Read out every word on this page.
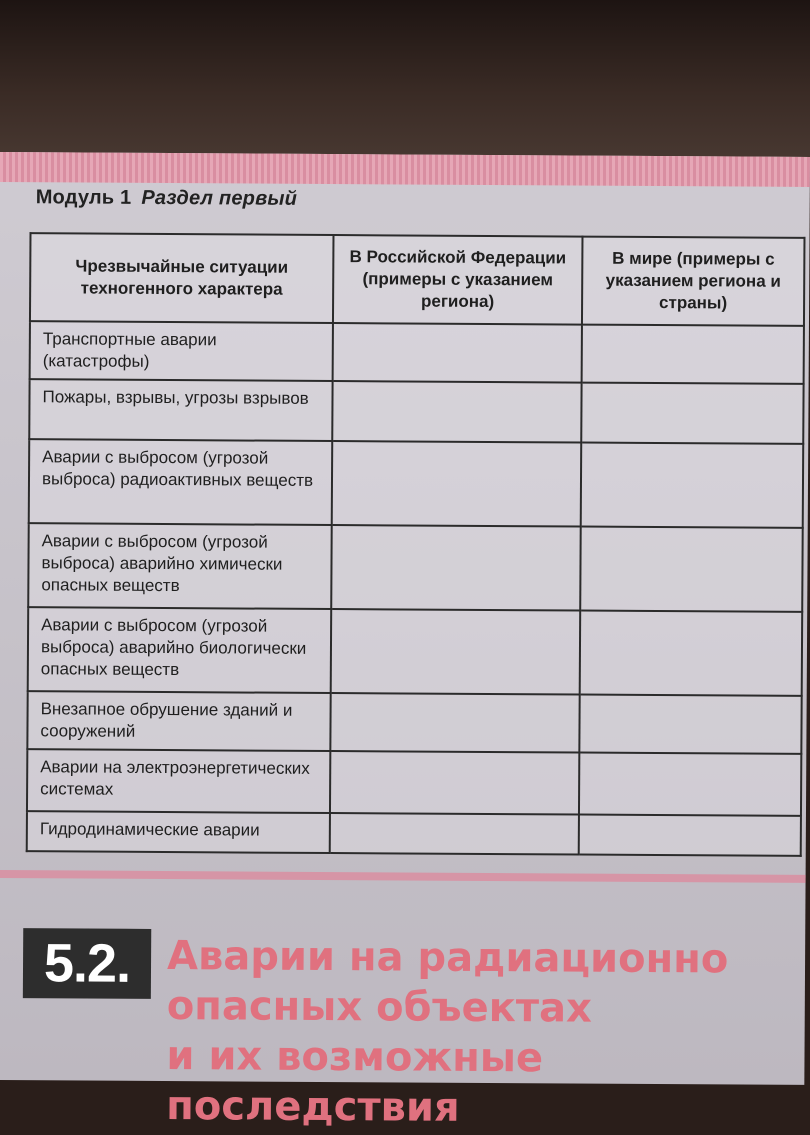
Модуль 1 Раздел первый
Чрезвычайные ситуации техногенного характера	В Российской Федерации (примеры с указанием региона)	В мире (примеры с указанием региона и страны)
Транспортные аварии (катастрофы)		
Пожары, взрывы, угрозы взрывов		
Аварии с выбросом (угрозой выброса) радиоактивных веществ		
Аварии с выбросом (угрозой выброса) аварийно химически опасных веществ		
Аварии с выбросом (угрозой выброса) аварийно биологически опасных веществ		
Внезапное обрушение зданий и сооружений		
Аварии на электроэнергетических системах		
Гидродинамические аварии		
5.2. Аварии на радиационно
опасных объектах
и их возможные последствия
